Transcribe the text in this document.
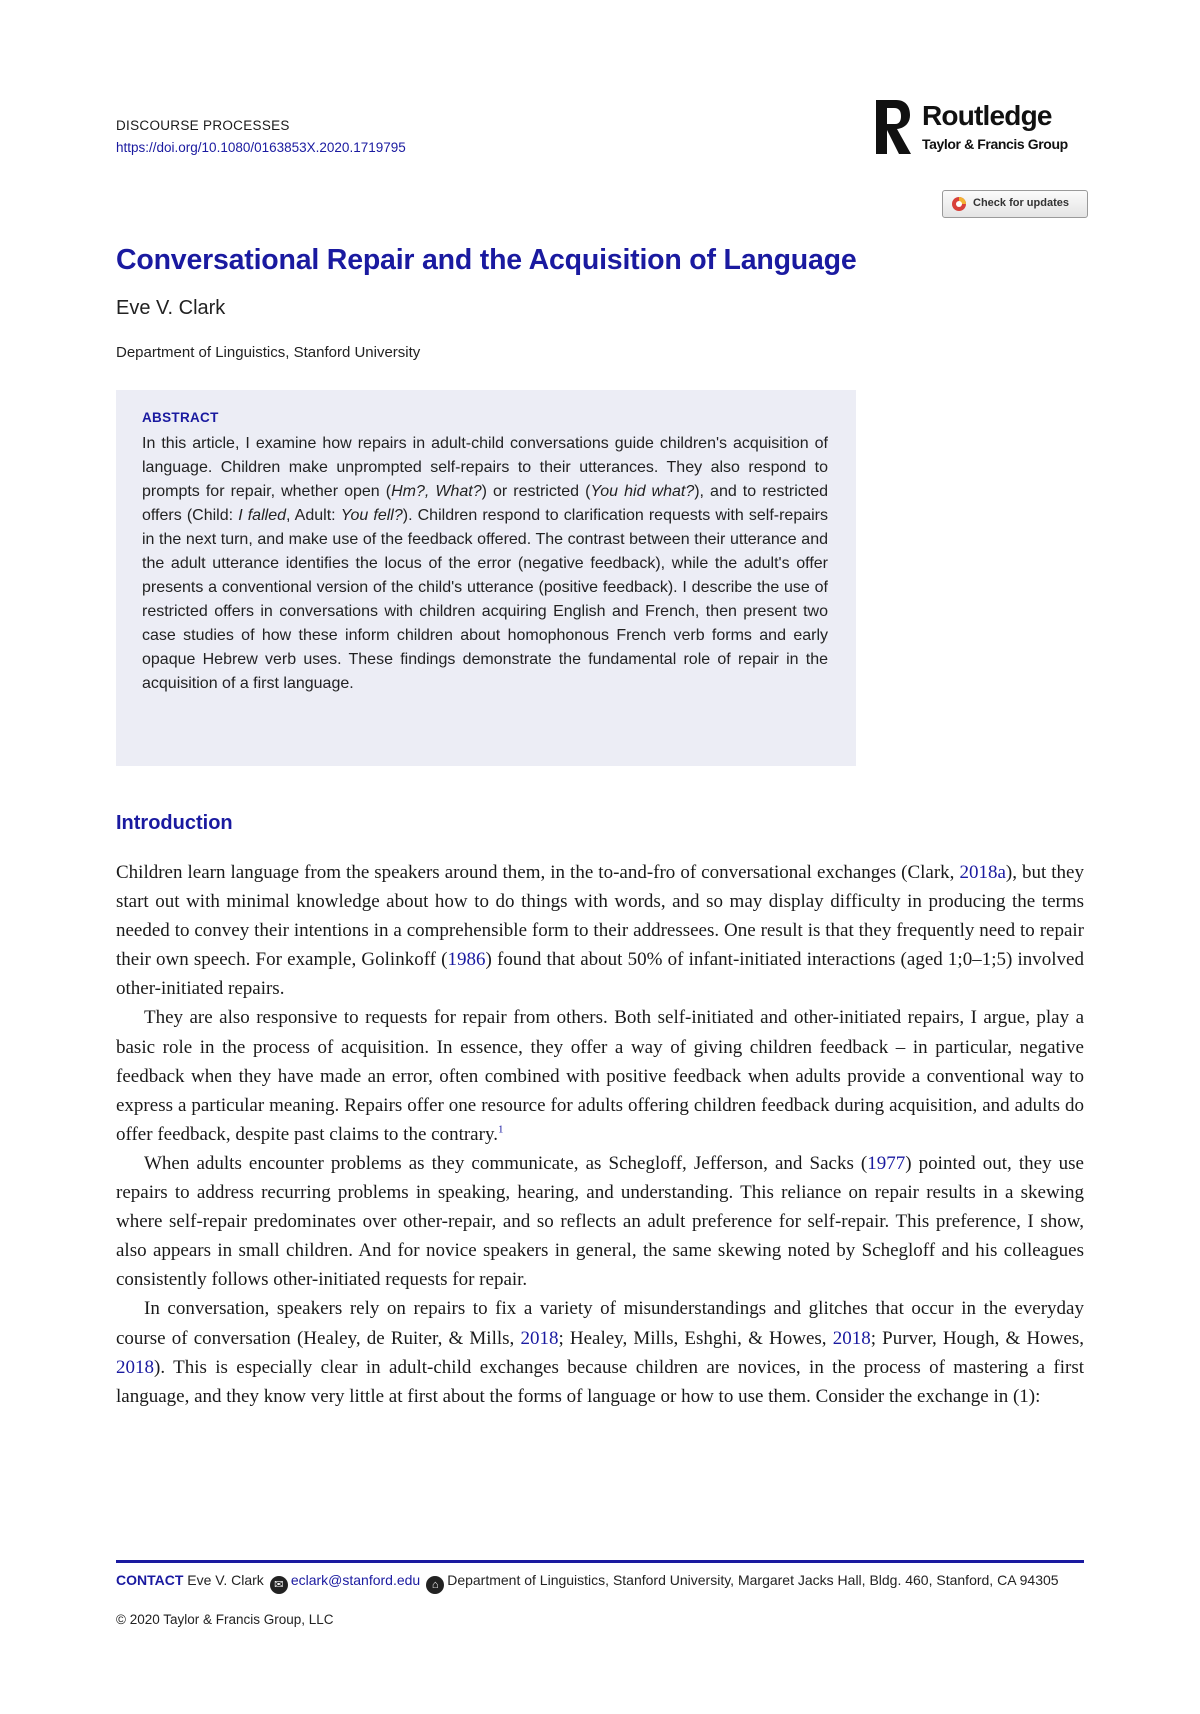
DISCOURSE PROCESSES
https://doi.org/10.1080/0163853X.2020.1719795
Routledge
Taylor & Francis Group
Check for updates
Conversational Repair and the Acquisition of Language
Eve V. Clark
Department of Linguistics, Stanford University
ABSTRACT
In this article, I examine how repairs in adult-child conversations guide children's acquisition of language. Children make unprompted self-repairs to their utterances. They also respond to prompts for repair, whether open (Hm?, What?) or restricted (You hid what?), and to restricted offers (Child: I falled, Adult: You fell?). Children respond to clarification requests with self-repairs in the next turn, and make use of the feedback offered. The contrast between their utterance and the adult utterance identifies the locus of the error (negative feedback), while the adult's offer presents a conventional version of the child's utterance (positive feedback). I describe the use of restricted offers in conversations with children acquiring English and French, then present two case studies of how these inform children about homophonous French verb forms and early opaque Hebrew verb uses. These findings demonstrate the fundamental role of repair in the acquisition of a first language.
Introduction

Children learn language from the speakers around them, in the to-and-fro of conversational exchanges (Clark, 2018a), but they start out with minimal knowledge about how to do things with words, and so may display difficulty in producing the terms needed to convey their intentions in a comprehensible form to their addressees. One result is that they frequently need to repair their own speech. For example, Golinkoff (1986) found that about 50% of infant-initiated interactions (aged 1;0–1;5) involved other-initiated repairs.

They are also responsive to requests for repair from others. Both self-initiated and other-initiated repairs, I argue, play a basic role in the process of acquisition. In essence, they offer a way of giving children feedback – in particular, negative feedback when they have made an error, often combined with positive feedback when adults provide a conventional way to express a particular meaning. Repairs offer one resource for adults offering children feedback during acquisition, and adults do offer feedback, despite past claims to the contrary.$^1$

When adults encounter problems as they communicate, as Schegloff, Jefferson, and Sacks (1977) pointed out, they use repairs to address recurring problems in speaking, hearing, and understanding. This reliance on repair results in a skewing where self-repair predominates over other-repair, and so reflects an adult preference for self-repair. This preference, I show, also appears in small children. And for novice speakers in general, the same skewing noted by Schegloff and his colleagues consistently follows other-initiated requests for repair.

In conversation, speakers rely on repairs to fix a variety of misunderstandings and glitches that occur in the everyday course of conversation (Healey, de Ruiter, & Mills, 2018; Healey, Mills, Eshghi, & Howes, 2018; Purver, Hough, & Howes, 2018). This is especially clear in adult-child exchanges because children are novices, in the process of mastering a first language, and they know very little at first about the forms of language or how to use them. Consider the exchange in (1):

CONTACT Eve V. Clark ✉ eclark@stanford.edu ⌂ Department of Linguistics, Stanford University, Margaret Jacks Hall, Bldg. 460, Stanford, CA 94305
© 2020 Taylor & Francis Group, LLC
